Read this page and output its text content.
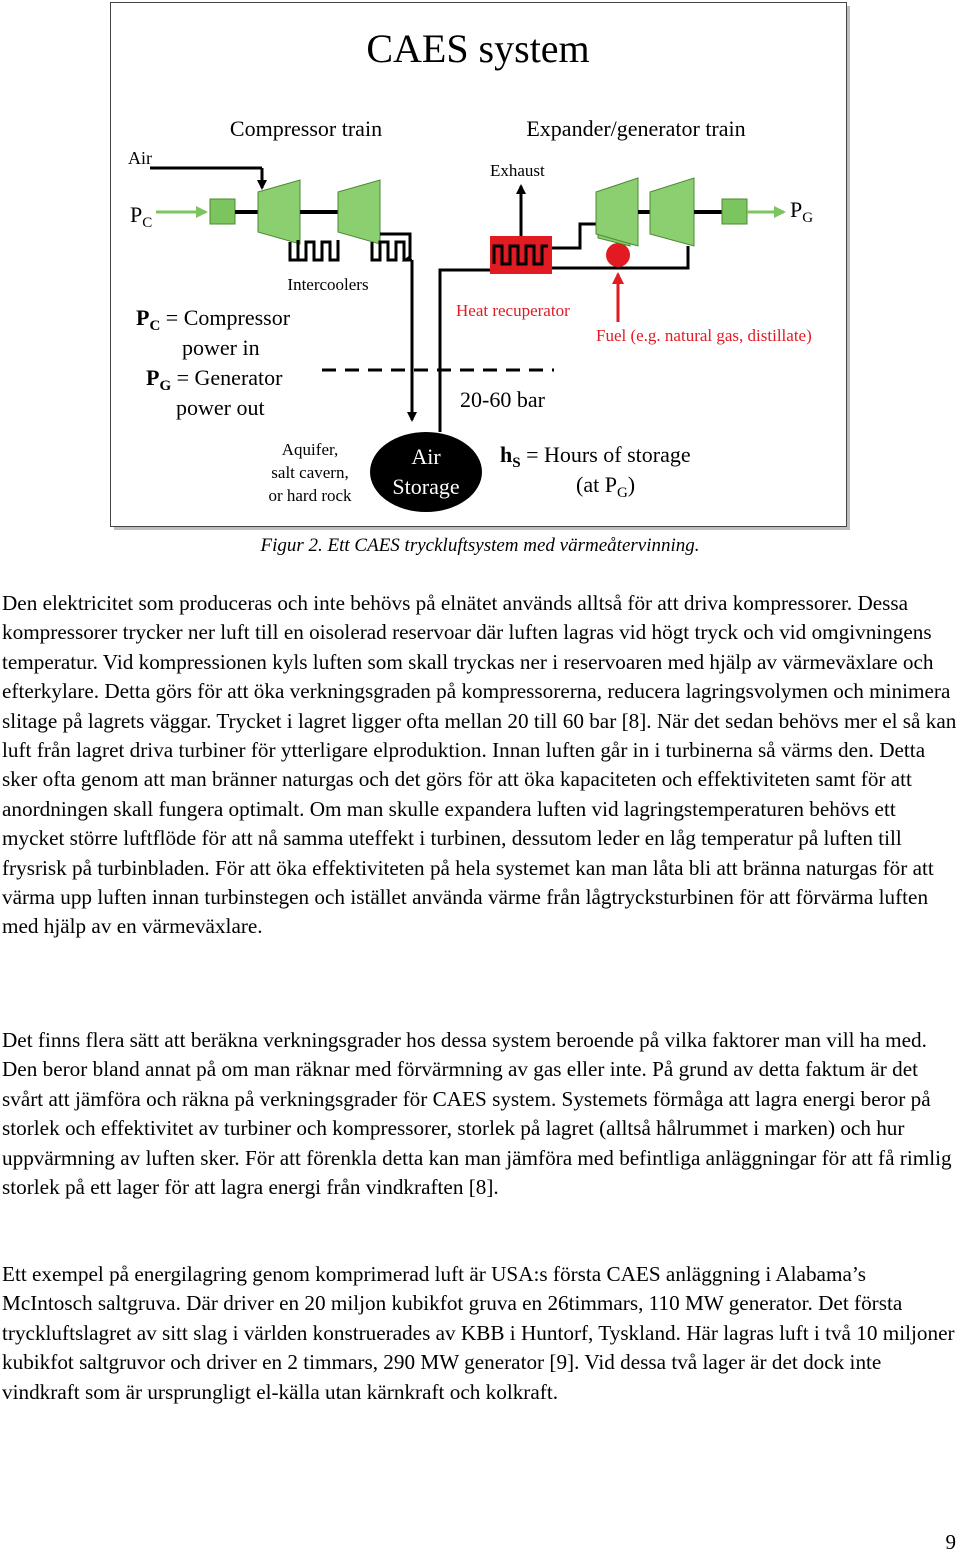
CAES system
Compressor train	Expander/generator train
Air
$P_C$
Intercoolers
Heat recuperator
Exhaust
Fuel (e.g. natural gas, distillate)
$P_G$
$P_C$ = Compressor
power in
$P_G$ = Generator
power out	20-60 bar
Aquifer,
salt cavern,
or hard rock
Air
Storage
$h_S$ = Hours of storage
(at $P_G$)
Figur 2. Ett CAES tryckluftsystem med värmeåtervinning.

Den elektricitet som produceras och inte behövs på elnätet används alltså för att driva kompressorer. Dessa kompressorer trycker ner luft till en oisolerad reservoar där luften lagras vid högt tryck och vid omgivningens temperatur. Vid kompressionen kyls luften som skall tryckas ner i reservoaren med hjälp av värmeväxlare och efterkylare. Detta görs för att öka verkningsgraden på kompressorerna, reducera lagringsvolymen och minimera slitage på lagrets väggar. Trycket i lagret ligger ofta mellan 20 till 60 bar [8]. När det sedan behövs mer el så kan luft från lagret driva turbiner för ytterligare elproduktion. Innan luften går in i turbinerna så värms den. Detta sker ofta genom att man bränner naturgas och det görs för att öka kapaciteten och effektiviteten samt för att anordningen skall fungera optimalt. Om man skulle expandera luften vid lagringstemperaturen behövs ett mycket större luftflöde för att nå samma uteffekt i turbinen, dessutom leder en låg temperatur på luften till frysrisk på turbinbladen. För att öka effektiviteten på hela systemet kan man låta bli att bränna naturgas för att värma upp luften innan turbinstegen och istället använda värme från lågtrycksturbinen för att förvärma luften med hjälp av en värmeväxlare.

Det finns flera sätt att beräkna verkningsgrader hos dessa system beroende på vilka faktorer man vill ha med. Den beror bland annat på om man räknar med förvärmning av gas eller inte. På grund av detta faktum är det svårt att jämföra och räkna på verkningsgrader för CAES system. Systemets förmåga att lagra energi beror på storlek och effektivitet av turbiner och kompressorer, storlek på lagret (alltså hålrummet i marken) och hur uppvärmning av luften sker. För att förenkla detta kan man jämföra med befintliga anläggningar för att få rimlig storlek på ett lager för att lagra energi från vindkraften [8].

Ett exempel på energilagring genom komprimerad luft är USA:s första CAES anläggning i Alabama’s McIntosch saltgruva. Där driver en 20 miljon kubikfot gruva en 26timmars, 110 MW generator. Det första tryckluftslagret av sitt slag i världen konstruerades av KBB i Huntorf, Tyskland. Här lagras luft i två 10 miljoner kubikfot saltgruvor och driver en 2 timmars, 290 MW generator [9]. Vid dessa två lager är det dock inte vindkraft som är ursprungligt el-källa utan kärnkraft och kolkraft.

9
